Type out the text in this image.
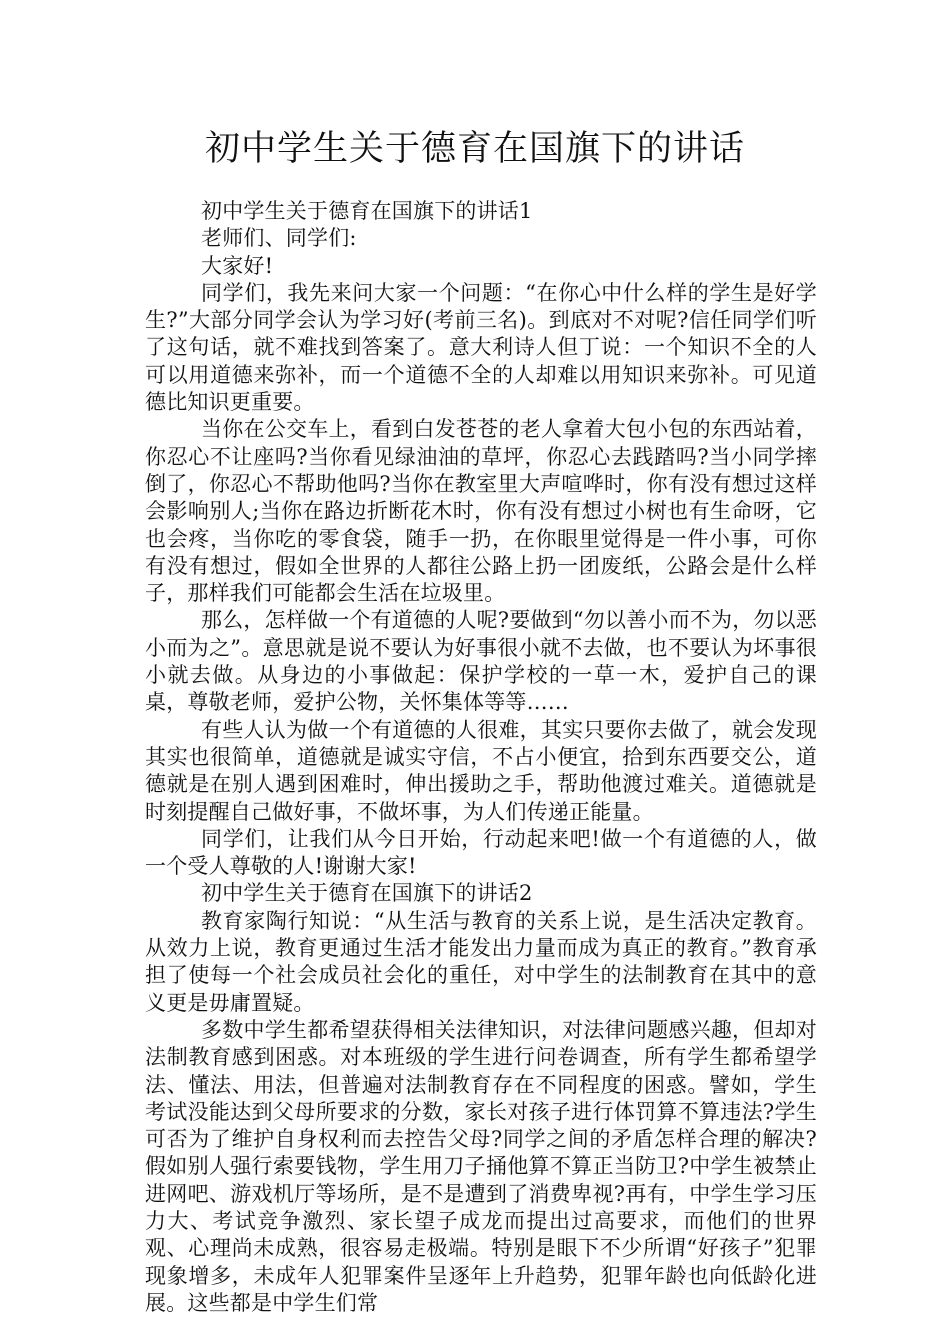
初中学生关于德育在国旗下的讲话

初中学生关于德育在国旗下的讲话1

老师们、同学们:

大家好!

同学们，我先来问大家一个问题：“在你心中什么样的学生是好学生?”大部分同学会认为学习好(考前三名)。到底对不对呢?信任同学们听了这句话，就不难找到答案了。意大利诗人但丁说：一个知识不全的人可以用道德来弥补，而一个道德不全的人却难以用知识来弥补。可见道德比知识更重要。

当你在公交车上，看到白发苍苍的老人拿着大包小包的东西站着，你忍心不让座吗?当你看见绿油油的草坪，你忍心去践踏吗?当小同学摔倒了，你忍心不帮助他吗?当你在教室里大声喧哗时，你有没有想过这样会影响别人;当你在路边折断花木时，你有没有想过小树也有生命呀，它也会疼，当你吃的零食袋，随手一扔，在你眼里觉得是一件小事，可你有没有想过，假如全世界的人都往公路上扔一团废纸，公路会是什么样子，那样我们可能都会生活在垃圾里。

那么，怎样做一个有道德的人呢?要做到“勿以善小而不为，勿以恶小而为之”。意思就是说不要认为好事很小就不去做，也不要认为坏事很小就去做。从身边的小事做起：保护学校的一草一木，爱护自己的课桌，尊敬老师，爱护公物，关怀集体等等……

有些人认为做一个有道德的人很难，其实只要你去做了，就会发现其实也很简单，道德就是诚实守信，不占小便宜，拾到东西要交公，道德就是在别人遇到困难时，伸出援助之手，帮助他渡过难关。道德就是时刻提醒自己做好事，不做坏事，为人们传递正能量。

同学们，让我们从今日开始，行动起来吧!做一个有道德的人，做一个受人尊敬的人!谢谢大家!

初中学生关于德育在国旗下的讲话2

教育家陶行知说：“从生活与教育的关系上说，是生活决定教育。从效力上说，教育更通过生活才能发出力量而成为真正的教育。”教育承担了使每一个社会成员社会化的重任，对中学生的法制教育在其中的意义更是毋庸置疑。

多数中学生都希望获得相关法律知识，对法律问题感兴趣，但却对法制教育感到困惑。对本班级的学生进行问卷调查，所有学生都希望学法、懂法、用法，但普遍对法制教育存在不同程度的困惑。譬如，学生考试没能达到父母所要求的分数，家长对孩子进行体罚算不算违法?学生可否为了维护自身权利而去控告父母?同学之间的矛盾怎样合理的解决?假如别人强行索要钱物，学生用刀子捅他算不算正当防卫?中学生被禁止进网吧、游戏机厅等场所，是不是遭到了消费卑视?再有，中学生学习压力大、考试竞争激烈、家长望子成龙而提出过高要求，而他们的世界观、心理尚未成熟，很容易走极端。特别是眼下不少所谓“好孩子”犯罪现象增多，未成年人犯罪案件呈逐年上升趋势，犯罪年龄也向低龄化进展。这些都是中学生们常
